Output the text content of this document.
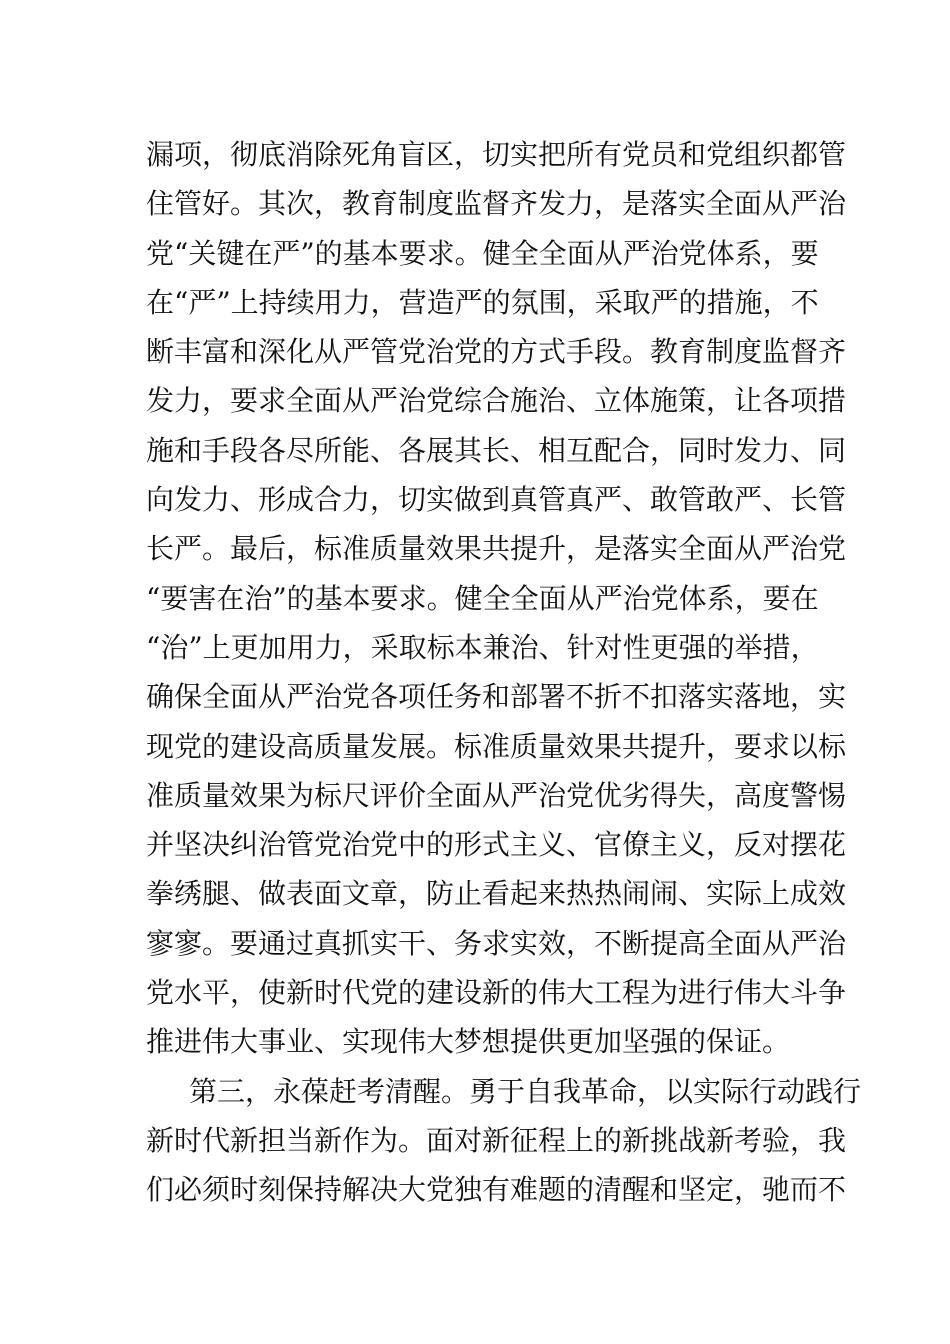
漏项，彻底消除死角盲区，切实把所有党员和党组织都管
住管好。其次，教育制度监督齐发力，是落实全面从严治
党“关键在严”的基本要求。健全全面从严治党体系，要
在“严”上持续用力，营造严的氛围，采取严的措施，不
断丰富和深化从严管党治党的方式手段。教育制度监督齐
发力，要求全面从严治党综合施治、立体施策，让各项措
施和手段各尽所能、各展其长、相互配合，同时发力、同
向发力、形成合力，切实做到真管真严、敢管敢严、长管
长严。最后，标准质量效果共提升，是落实全面从严治党
“要害在治”的基本要求。健全全面从严治党体系，要在
“治”上更加用力，采取标本兼治、针对性更强的举措，
确保全面从严治党各项任务和部署不折不扣落实落地，实
现党的建设高质量发展。标准质量效果共提升，要求以标
准质量效果为标尺评价全面从严治党优劣得失，高度警惕
并坚决纠治管党治党中的形式主义、官僚主义，反对摆花
拳绣腿、做表面文章，防止看起来热热闹闹、实际上成效
寥寥。要通过真抓实干、务求实效，不断提高全面从严治
党水平，使新时代党的建设新的伟大工程为进行伟大斗争
推进伟大事业、实现伟大梦想提供更加坚强的保证。
第三，永葆赶考清醒。勇于自我革命，以实际行动践行
新时代新担当新作为。面对新征程上的新挑战新考验，我
们必须时刻保持解决大党独有难题的清醒和坚定，驰而不
